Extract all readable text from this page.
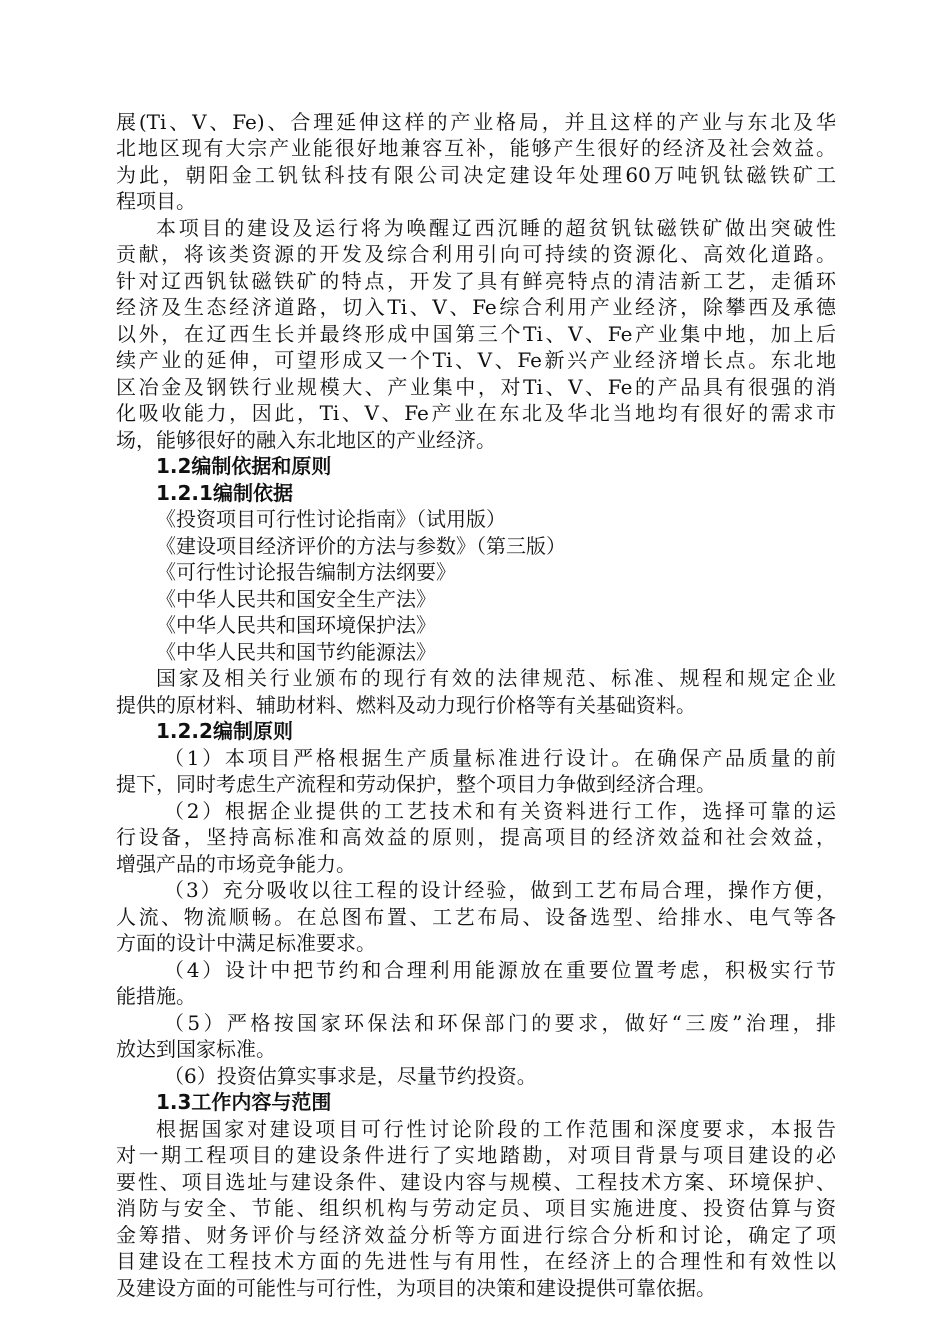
展(Ti、V、Fe)、合理延伸这样的产业格局，并且这样的产业与东北及华
北地区现有大宗产业能很好地兼容互补，能够产生很好的经济及社会效益。
为此，朝阳金工钒钛科技有限公司决定建设年处理60万吨钒钛磁铁矿工
程项目。
本项目的建设及运行将为唤醒辽西沉睡的超贫钒钛磁铁矿做出突破性
贡献，将该类资源的开发及综合利用引向可持续的资源化、高效化道路。
针对辽西钒钛磁铁矿的特点，开发了具有鲜亮特点的清洁新工艺，走循环
经济及生态经济道路，切入Ti、V、Fe综合利用产业经济，除攀西及承德
以外，在辽西生长并最终形成中国第三个Ti、V、Fe产业集中地，加上后
续产业的延伸，可望形成又一个Ti、V、Fe新兴产业经济增长点。东北地
区冶金及钢铁行业规模大、产业集中，对Ti、V、Fe的产品具有很强的消
化吸收能力，因此，Ti、V、Fe产业在东北及华北当地均有很好的需求市
场，能够很好的融入东北地区的产业经济。
1.2编制依据和原则
1.2.1编制依据
《投资项目可行性讨论指南》（试用版）
《建设项目经济评价的方法与参数》（第三版）
《可行性讨论报告编制方法纲要》
《中华人民共和国安全生产法》
《中华人民共和国环境保护法》
《中华人民共和国节约能源法》
国家及相关行业颁布的现行有效的法律规范、标准、规程和规定企业
提供的原材料、辅助材料、燃料及动力现行价格等有关基础资料。
1.2.2编制原则
（1）本项目严格根据生产质量标准进行设计。在确保产品质量的前
提下，同时考虑生产流程和劳动保护，整个项目力争做到经济合理。
（2）根据企业提供的工艺技术和有关资料进行工作，选择可靠的运
行设备，坚持高标准和高效益的原则，提高项目的经济效益和社会效益，
增强产品的市场竞争能力。
（3）充分吸收以往工程的设计经验，做到工艺布局合理，操作方便，
人流、物流顺畅。在总图布置、工艺布局、设备选型、给排水、电气等各
方面的设计中满足标准要求。
（4）设计中把节约和合理利用能源放在重要位置考虑，积极实行节
能措施。
（5）严格按国家环保法和环保部门的要求，做好“三废”治理，排
放达到国家标准。
（6）投资估算实事求是，尽量节约投资。
1.3工作内容与范围
根据国家对建设项目可行性讨论阶段的工作范围和深度要求，本报告
对一期工程项目的建设条件进行了实地踏勘，对项目背景与项目建设的必
要性、项目选址与建设条件、建设内容与规模、工程技术方案、环境保护、
消防与安全、节能、组织机构与劳动定员、项目实施进度、投资估算与资
金筹措、财务评价与经济效益分析等方面进行综合分析和讨论，确定了项
目建设在工程技术方面的先进性与有用性，在经济上的合理性和有效性以
及建设方面的可能性与可行性，为项目的决策和建设提供可靠依据。
